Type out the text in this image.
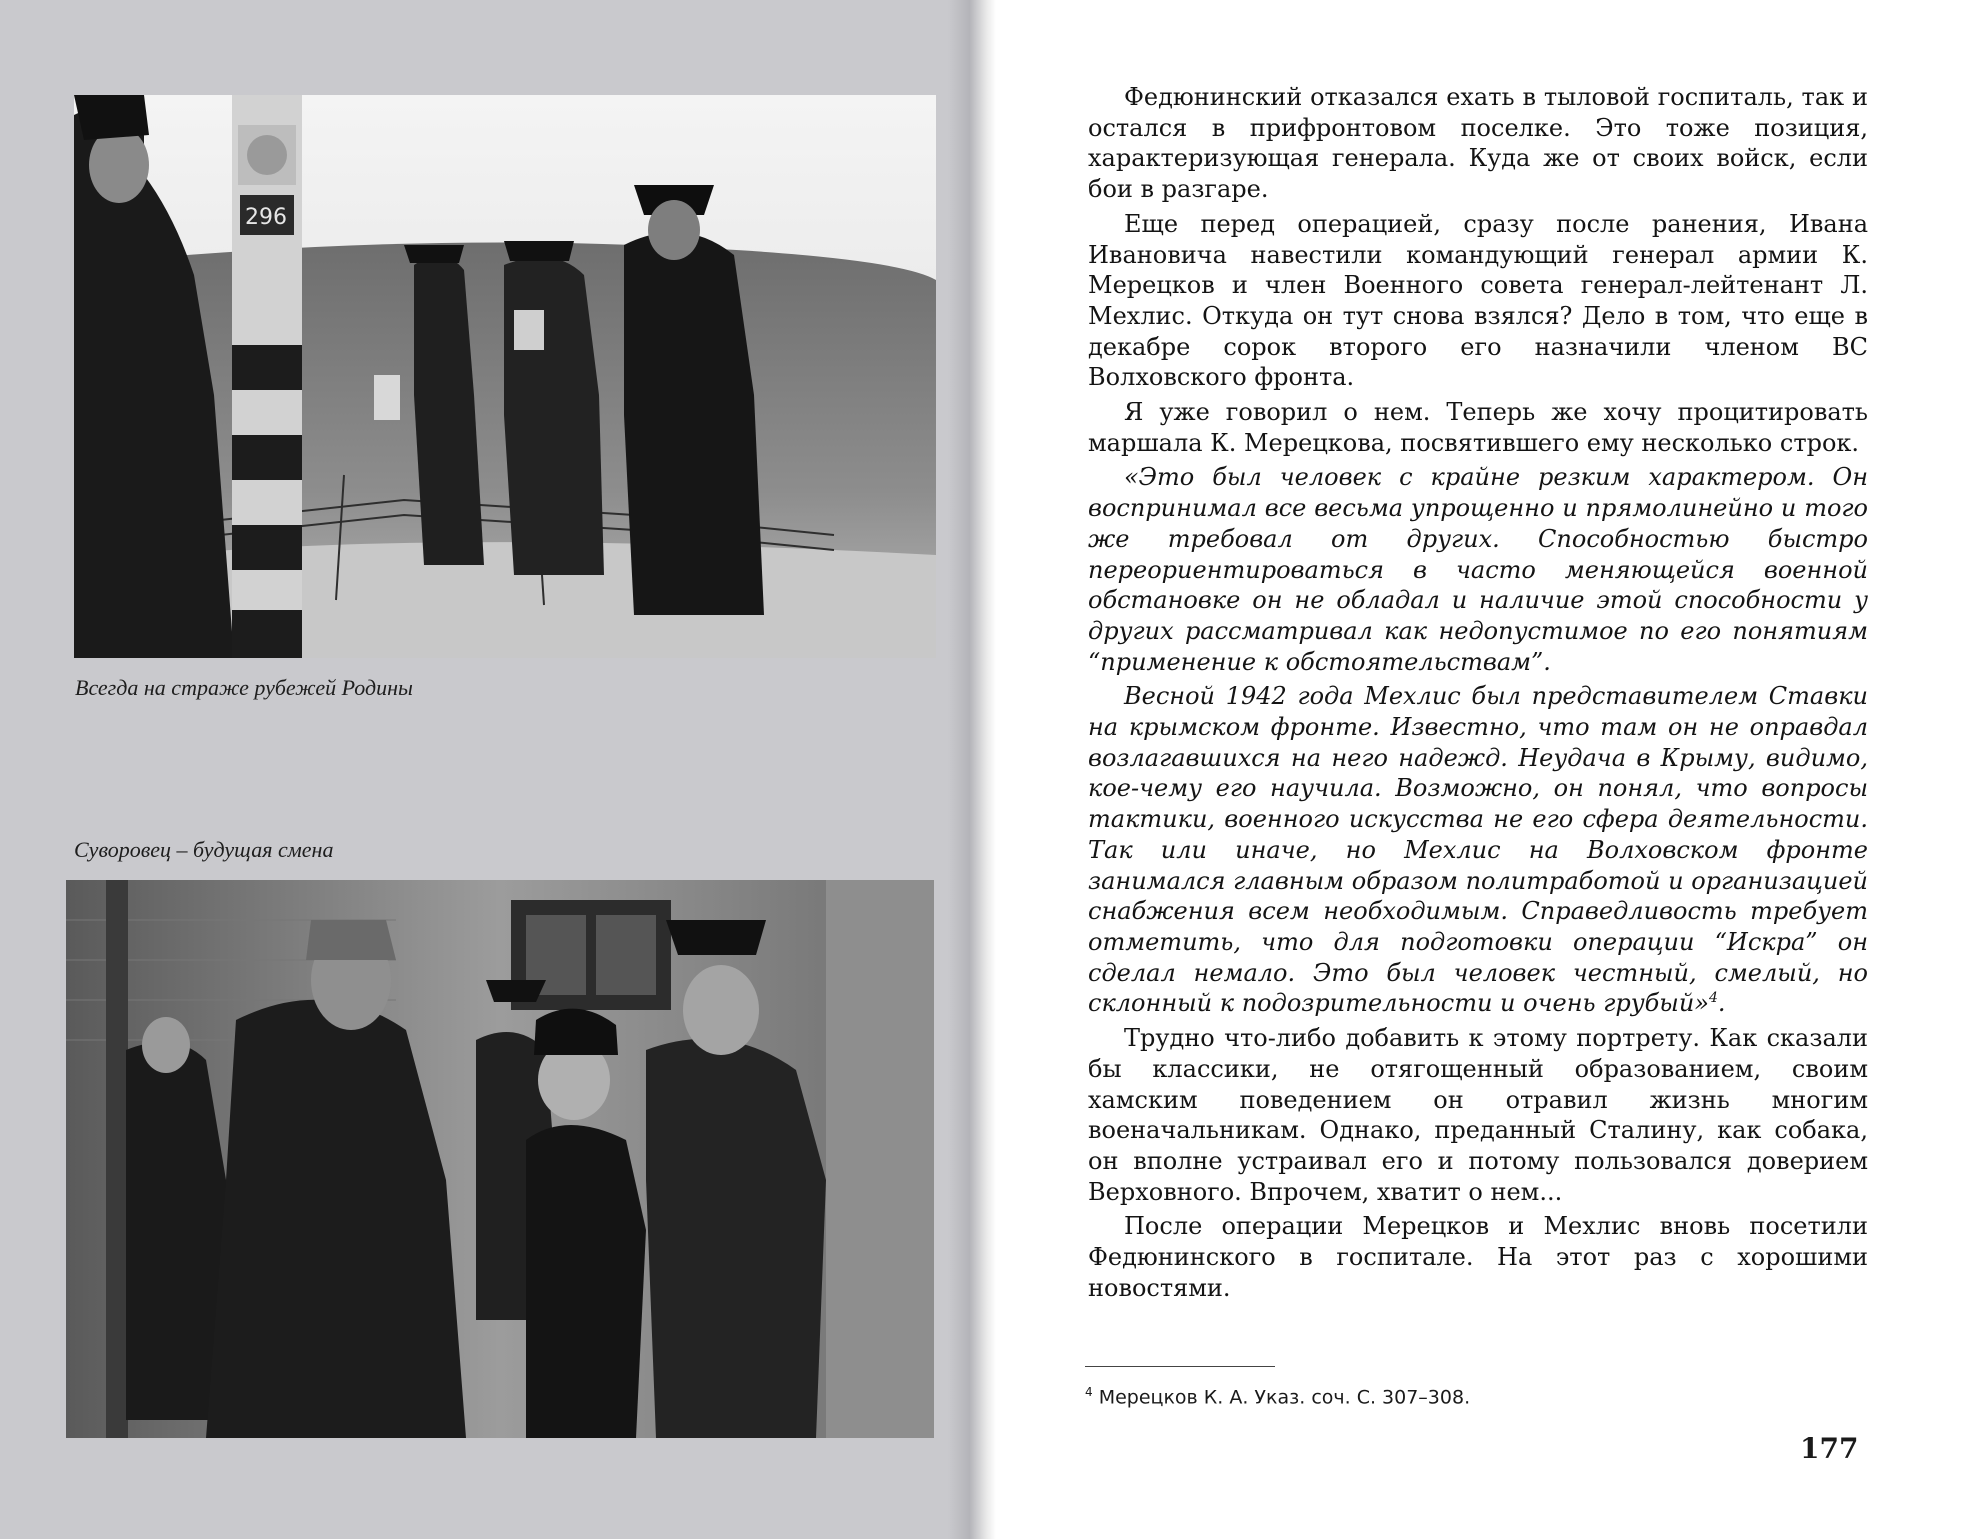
296
Всегда на страже рубежей Родины
Суворовец – будущая смена

Федюнинский отказался ехать в тыловой госпиталь, так и остался в прифронтовом поселке. Это тоже позиция, характеризующая генерала. Куда же от своих войск, если бои в разгаре.

Еще перед операцией, сразу после ранения, Ивана Ивановича навестили командующий генерал армии К. Мерецков и член Военного совета генерал-лейтенант Л. Мехлис. Откуда он тут снова взялся? Дело в том, что еще в декабре сорок второго его назначили членом ВС Волховского фронта.

Я уже говорил о нем. Теперь же хочу процитировать маршала К. Мерецкова, посвятившего ему несколько строк.

«Это был человек с крайне резким характером. Он воспринимал все весьма упрощенно и прямолинейно и того же требовал от других. Способностью быстро переориентироваться в часто меняющейся военной обстановке он не обладал и наличие этой способности у других рассматривал как недопустимое по его понятиям “применение к обстоятельствам”.

Весной 1942 года Мехлис был представителем Ставки на крымском фронте. Известно, что там он не оправдал возлагавшихся на него надежд. Неудача в Крыму, видимо, кое-чему его научила. Возможно, он понял, что вопросы тактики, военного искусства не его сфера деятельности. Так или иначе, но Мехлис на Волховском фронте занимался главным образом политработой и организацией снабжения всем необходимым. Справедливость требует отметить, что для подготовки операции “Искра” он сделал немало. Это был человек честный, смелый, но склонный к подозрительности и очень грубый»$^4$.

Трудно что-либо добавить к этому портрету. Как сказали бы классики, не отягощенный образованием, своим хамским поведением он отравил жизнь многим военачальникам. Однако, преданный Сталину, как собака, он вполне устраивал его и потому пользовался доверием Верховного. Впрочем, хватит о нем...

После операции Мерецков и Мехлис вновь посетили Федюнинского в госпитале. На этот раз с хорошими новостями.

$^4$ Мерецков К. А. Указ. соч. С. 307–308.
177
